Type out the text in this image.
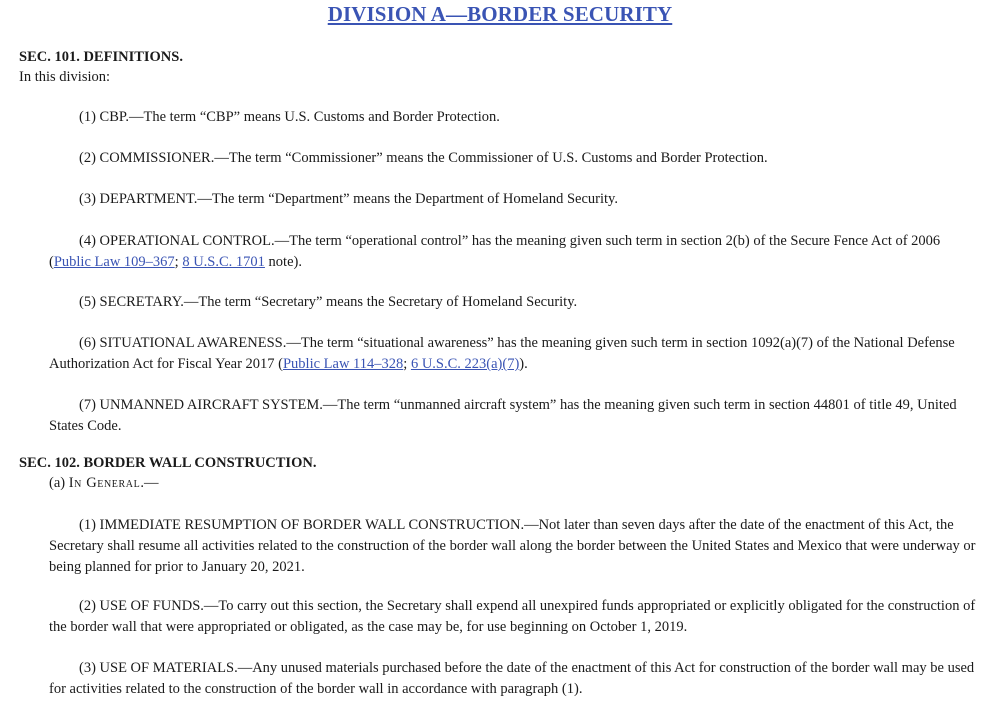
DIVISION A—BORDER SECURITY
SEC. 101. DEFINITIONS.
In this division:
(1) CBP.—The term “CBP” means U.S. Customs and Border Protection.
(2) COMMISSIONER.—The term “Commissioner” means the Commissioner of U.S. Customs and Border Protection.
(3) DEPARTMENT.—The term “Department” means the Department of Homeland Security.
(4) OPERATIONAL CONTROL.—The term “operational control” has the meaning given such term in section 2(b) of the Secure Fence Act of 2006 (Public Law 109–367; 8 U.S.C. 1701 note).
(5) SECRETARY.—The term “Secretary” means the Secretary of Homeland Security.
(6) SITUATIONAL AWARENESS.—The term “situational awareness” has the meaning given such term in section 1092(a)(7) of the National Defense Authorization Act for Fiscal Year 2017 (Public Law 114–328; 6 U.S.C. 223(a)(7)).
(7) UNMANNED AIRCRAFT SYSTEM.—The term “unmanned aircraft system” has the meaning given such term in section 44801 of title 49, United States Code.
SEC. 102. BORDER WALL CONSTRUCTION.
(a) In General.—
(1) IMMEDIATE RESUMPTION OF BORDER WALL CONSTRUCTION.—Not later than seven days after the date of the enactment of this Act, the Secretary shall resume all activities related to the construction of the border wall along the border between the United States and Mexico that were underway or being planned for prior to January 20, 2021.
(2) USE OF FUNDS.—To carry out this section, the Secretary shall expend all unexpired funds appropriated or explicitly obligated for the construction of the border wall that were appropriated or obligated, as the case may be, for use beginning on October 1, 2019.
(3) USE OF MATERIALS.—Any unused materials purchased before the date of the enactment of this Act for construction of the border wall may be used for activities related to the construction of the border wall in accordance with paragraph (1).
